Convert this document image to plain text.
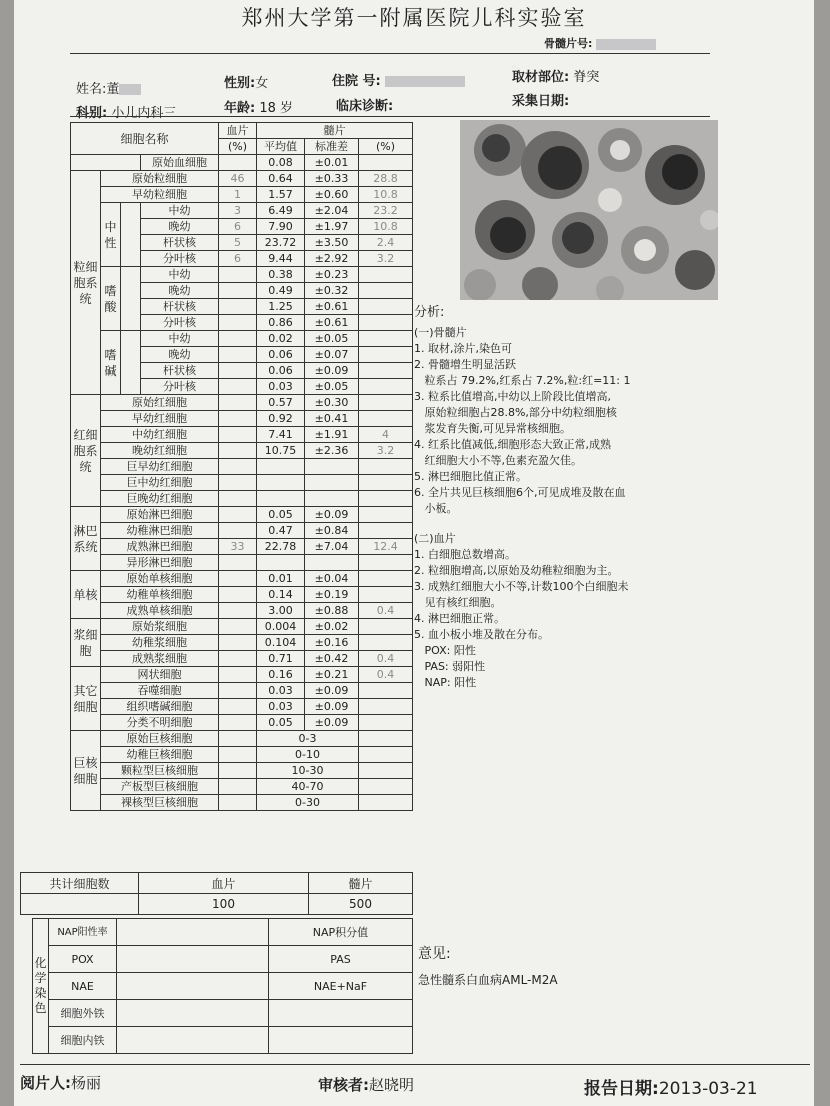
郑州大学第一附属医院儿科实验室
骨髓片号:
姓名:董	性别:女	住院 号:	取材部位: 脊突
科别: 小儿内科三	年龄: 18 岁	临床诊断:	采集日期:
细胞名称				血片	髓片		
				(%)	平均值	标准差	(%)
			原始血细胞		0.08	±0.01	
粒细胞系统	原始粒细胞			46	0.64	±0.33	28.8
	早幼粒细胞			1	1.57	±0.60	10.8
	中性		中幼	3	6.49	±2.04	23.2
			晚幼	6	7.90	±1.97	10.8
			杆状核	5	23.72	±3.50	2.4
			分叶核	6	9.44	±2.92	3.2
	嗜酸		中幼		0.38	±0.23	
			晚幼		0.49	±0.32	
			杆状核		1.25	±0.61	
			分叶核		0.86	±0.61	
	嗜碱		中幼		0.02	±0.05	
			晚幼		0.06	±0.07	
			杆状核		0.06	±0.09	
			分叶核		0.03	±0.05	
红细胞系统	原始红细胞				0.57	±0.30	
	早幼红细胞				0.92	±0.41	
	中幼红细胞				7.41	±1.91	4
	晚幼红细胞				10.75	±2.36	3.2
	巨早幼红细胞						
	巨中幼红细胞						
	巨晚幼红细胞						
淋巴系统	原始淋巴细胞				0.05	±0.09	
	幼稚淋巴细胞				0.47	±0.84	
	成熟淋巴细胞			33	22.78	±7.04	12.4
	异形淋巴细胞						
单核	原始单核细胞				0.01	±0.04	
	幼稚单核细胞				0.14	±0.19	
	成熟单核细胞				3.00	±0.88	0.4
浆细胞	原始浆细胞				0.004	±0.02	
	幼稚浆细胞				0.104	±0.16	
	成熟浆细胞				0.71	±0.42	0.4
其它细胞	网状细胞				0.16	±0.21	0.4
	吞噬细胞				0.03	±0.09	
	组织嗜碱细胞				0.03	±0.09	
	分类不明细胞				0.05	±0.09	
巨核细胞	原始巨核细胞				0-3		
	幼稚巨核细胞				0-10		
	颗粒型巨核细胞				10-30		
	产板型巨核细胞				40-70		
	裸核型巨核细胞				0-30		
共计细胞数	血片	髓片
	100	500
化学染色	NAP阳性率		NAP积分值
	POX		PAS
	NAE		NAE+NaF
	细胞外铁		
	细胞内铁		
分析:
(一)骨髓片
1. 取材,涂片,染色可
2. 骨髓增生明显活跃
粒系占 79.2%,红系占 7.2%,粒:红=11: 1
3. 粒系比值增高,中幼以上阶段比值增高,
原始粒细胞占28.8%,部分中幼粒细胞核
浆发育失衡,可见异常核细胞。
4. 红系比值减低,细胞形态大致正常,成熟
红细胞大小不等,色素充盈欠佳。
5. 淋巴细胞比值正常。
6. 全片共见巨核细胞6个,可见成堆及散在血
小板。
(二)血片
1. 白细胞总数增高。
2. 粒细胞增高,以原始及幼稚粒细胞为主。
3. 成熟红细胞大小不等,计数100个白细胞未
见有核红细胞。
4. 淋巴细胞正常。
5. 血小板小堆及散在分布。
POX: 阳性
PAS: 弱阳性
NAP: 阳性
意见:
急性髓系白血病AML-M2A
阅片人:杨丽	审核者:赵晓明	报告日期:2013-03-21
